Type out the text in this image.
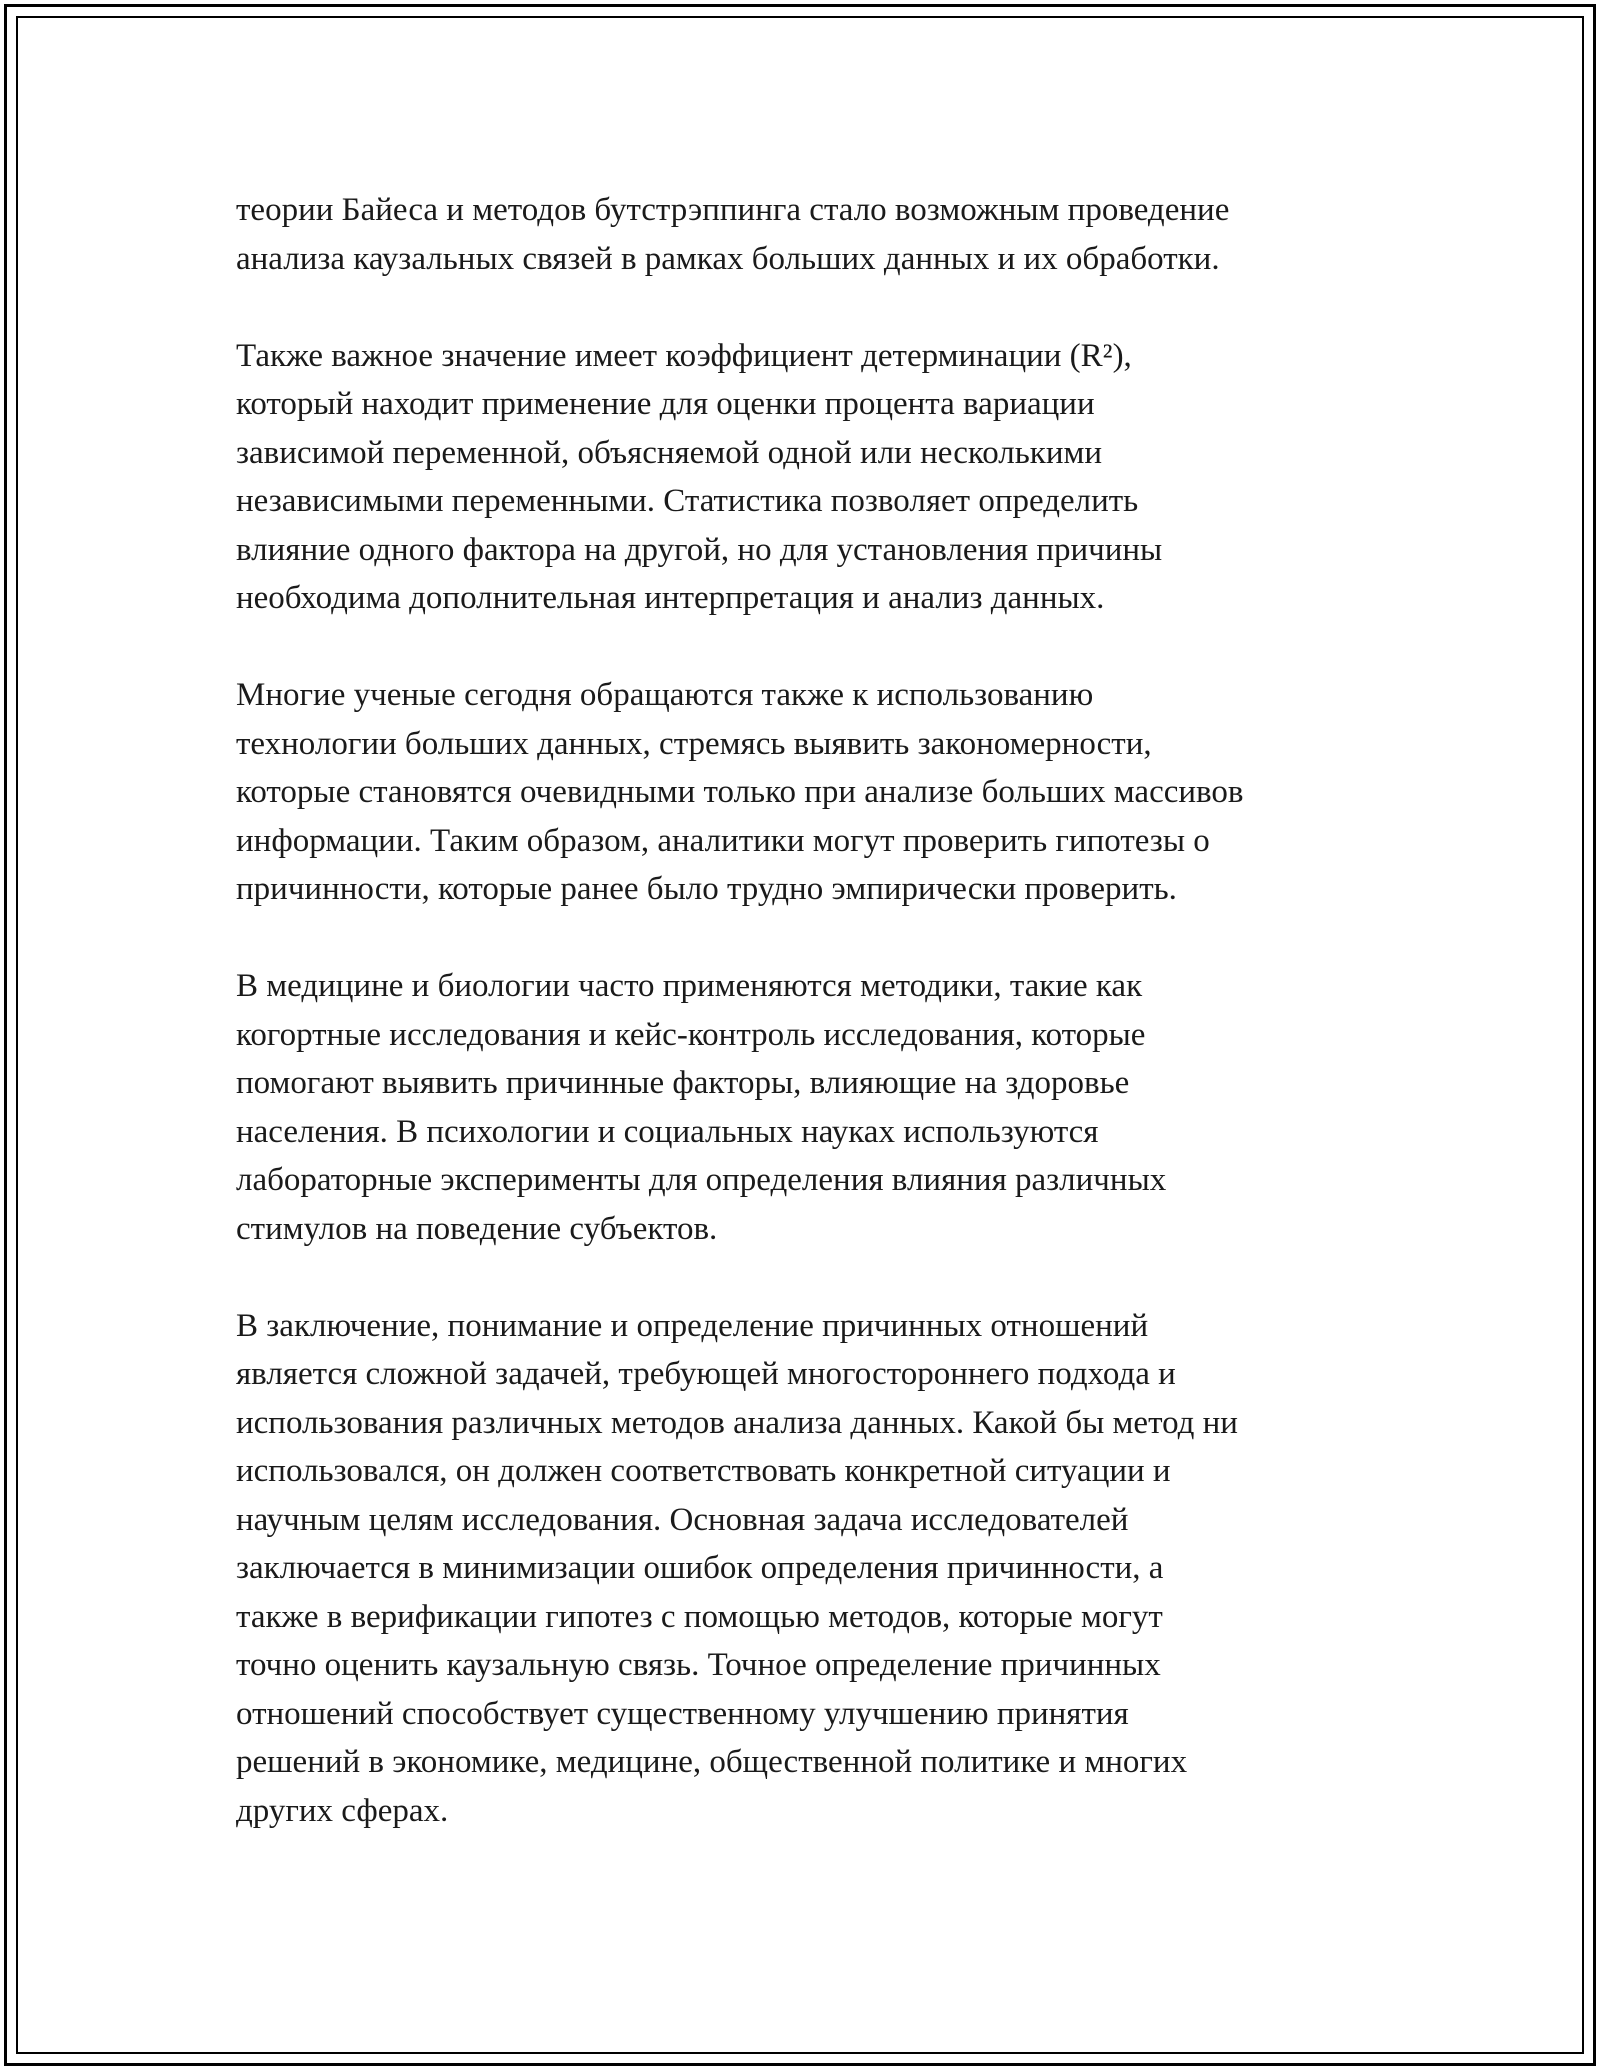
теории Байеса и методов бутстрэппинга стало возможным проведение
анализа каузальных связей в рамках больших данных и их обработки.

Также важное значение имеет коэффициент детерминации (R²),
который находит применение для оценки процента вариации
зависимой переменной, объясняемой одной или несколькими
независимыми переменными. Статистика позволяет определить
влияние одного фактора на другой, но для установления причины
необходима дополнительная интерпретация и анализ данных.

Многие ученые сегодня обращаются также к использованию
технологии больших данных, стремясь выявить закономерности,
которые становятся очевидными только при анализе больших массивов
информации. Таким образом, аналитики могут проверить гипотезы о
причинности, которые ранее было трудно эмпирически проверить.

В медицине и биологии часто применяются методики, такие как
когортные исследования и кейс-контроль исследования, которые
помогают выявить причинные факторы, влияющие на здоровье
населения. В психологии и социальных науках используются
лабораторные эксперименты для определения влияния различных
стимулов на поведение субъектов.

В заключение, понимание и определение причинных отношений
является сложной задачей, требующей многостороннего подхода и
использования различных методов анализа данных. Какой бы метод ни
использовался, он должен соответствовать конкретной ситуации и
научным целям исследования. Основная задача исследователей
заключается в минимизации ошибок определения причинности, а
также в верификации гипотез с помощью методов, которые могут
точно оценить каузальную связь. Точное определение причинных
отношений способствует существенному улучшению принятия
решений в экономике, медицине, общественной политике и многих
других сферах.
